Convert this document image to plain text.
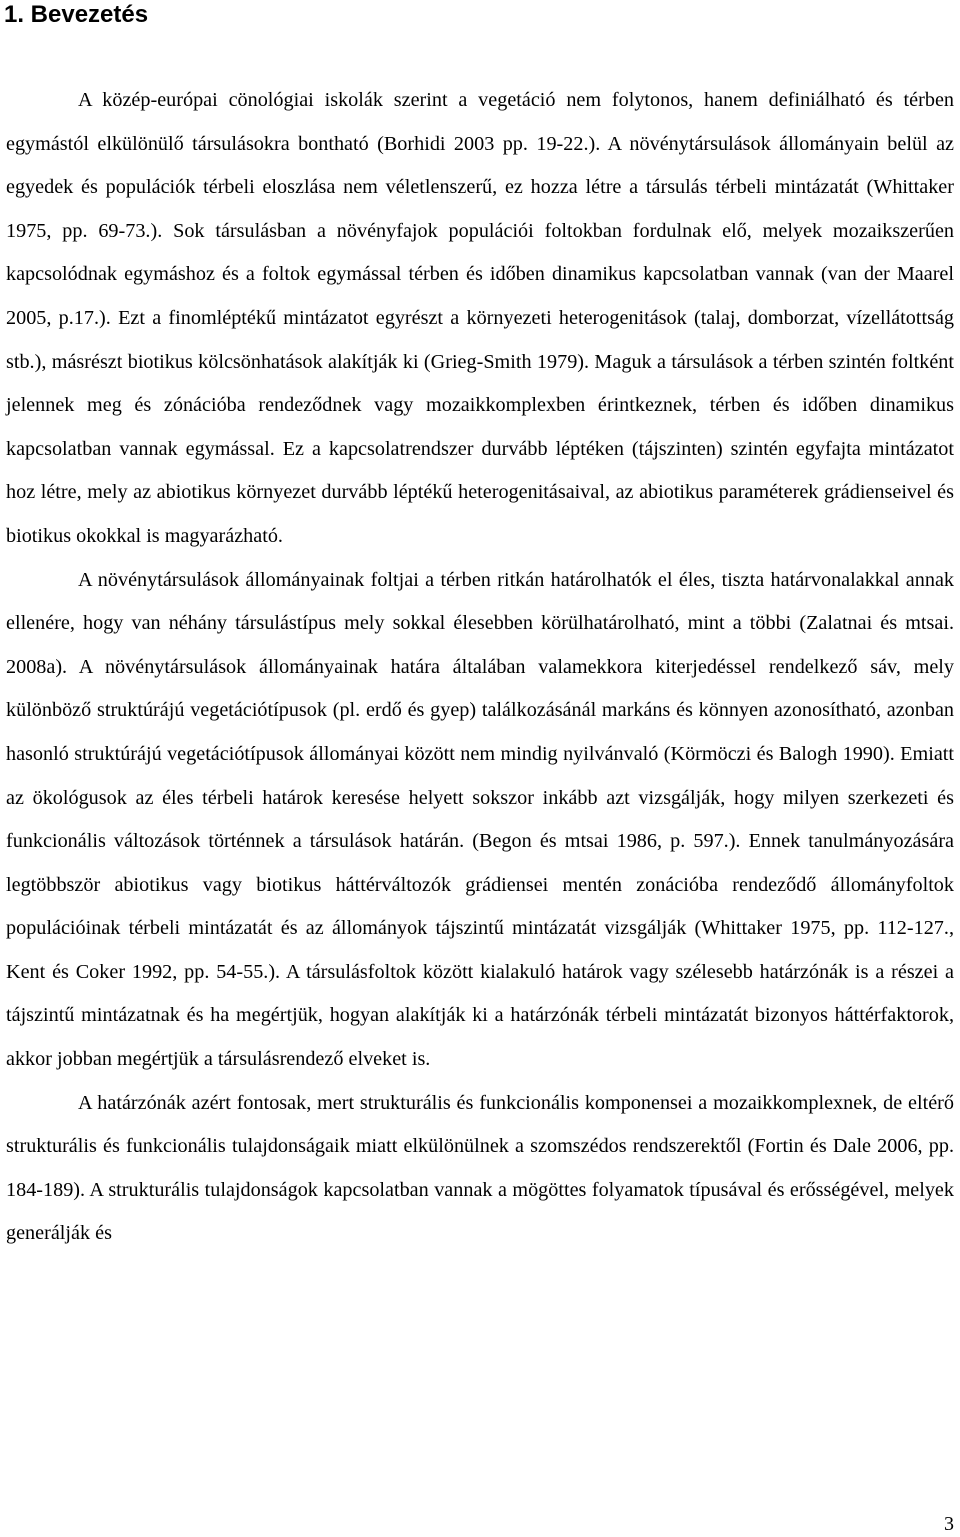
1. Bevezetés

A közép-európai cönológiai iskolák szerint a vegetáció nem folytonos, hanem definiálható és térben egymástól elkülönülő társulásokra bontható (Borhidi 2003 pp. 19-22.). A növénytársulások állományain belül az egyedek és populációk térbeli eloszlása nem véletlenszerű, ez hozza létre a társulás térbeli mintázatát (Whittaker 1975, pp. 69-73.). Sok társulásban a növényfajok populációi foltokban fordulnak elő, melyek mozaikszerűen kapcsolódnak egymáshoz és a foltok egymással térben és időben dinamikus kapcsolatban vannak (van der Maarel 2005, p.17.). Ezt a finomléptékű mintázatot egyrészt a környezeti heterogenitások (talaj, domborzat, vízellátottság stb.), másrészt biotikus kölcsönhatások alakítják ki (Grieg-Smith 1979). Maguk a társulások a térben szintén foltként jelennek meg és zónációba rendeződnek vagy mozaikkomplexben érintkeznek, térben és időben dinamikus kapcsolatban vannak egymással. Ez a kapcsolatrendszer durvább léptéken (tájszinten) szintén egyfajta mintázatot hoz létre, mely az abiotikus környezet durvább léptékű heterogenitásaival, az abiotikus paraméterek grádienseivel és biotikus okokkal is magyarázható.

A növénytársulások állományainak foltjai a térben ritkán határolhatók el éles, tiszta határvonalakkal annak ellenére, hogy van néhány társulástípus mely sokkal élesebben körülhatárolható, mint a többi (Zalatnai és mtsai. 2008a). A növénytársulások állományainak határa általában valamekkora kiterjedéssel rendelkező sáv, mely különböző struktúrájú vegetációtípusok (pl. erdő és gyep) találkozásánál markáns és könnyen azonosítható, azonban hasonló struktúrájú vegetációtípusok állományai között nem mindig nyilvánvaló (Körmöczi és Balogh 1990). Emiatt az ökológusok az éles térbeli határok keresése helyett sokszor inkább azt vizsgálják, hogy milyen szerkezeti és funkcionális változások történnek a társulások határán. (Begon és mtsai 1986, p. 597.). Ennek tanulmányozására legtöbbször abiotikus vagy biotikus háttérváltozók grádiensei mentén zonációba rendeződő állományfoltok populációinak térbeli mintázatát és az állományok tájszintű mintázatát vizsgálják (Whittaker 1975, pp. 112-127., Kent és Coker 1992, pp. 54-55.). A társulásfoltok között kialakuló határok vagy szélesebb határzónák is a részei a tájszintű mintázatnak és ha megértjük, hogyan alakítják ki a határzónák térbeli mintázatát bizonyos háttérfaktorok, akkor jobban megértjük a társulásrendező elveket is.

A határzónák azért fontosak, mert strukturális és funkcionális komponensei a mozaikkomplexnek, de eltérő strukturális és funkcionális tulajdonságaik miatt elkülönülnek a szomszédos rendszerektől (Fortin és Dale 2006, pp. 184-189). A strukturális tulajdonságok kapcsolatban vannak a mögöttes folyamatok típusával és erősségével, melyek generálják és

3
